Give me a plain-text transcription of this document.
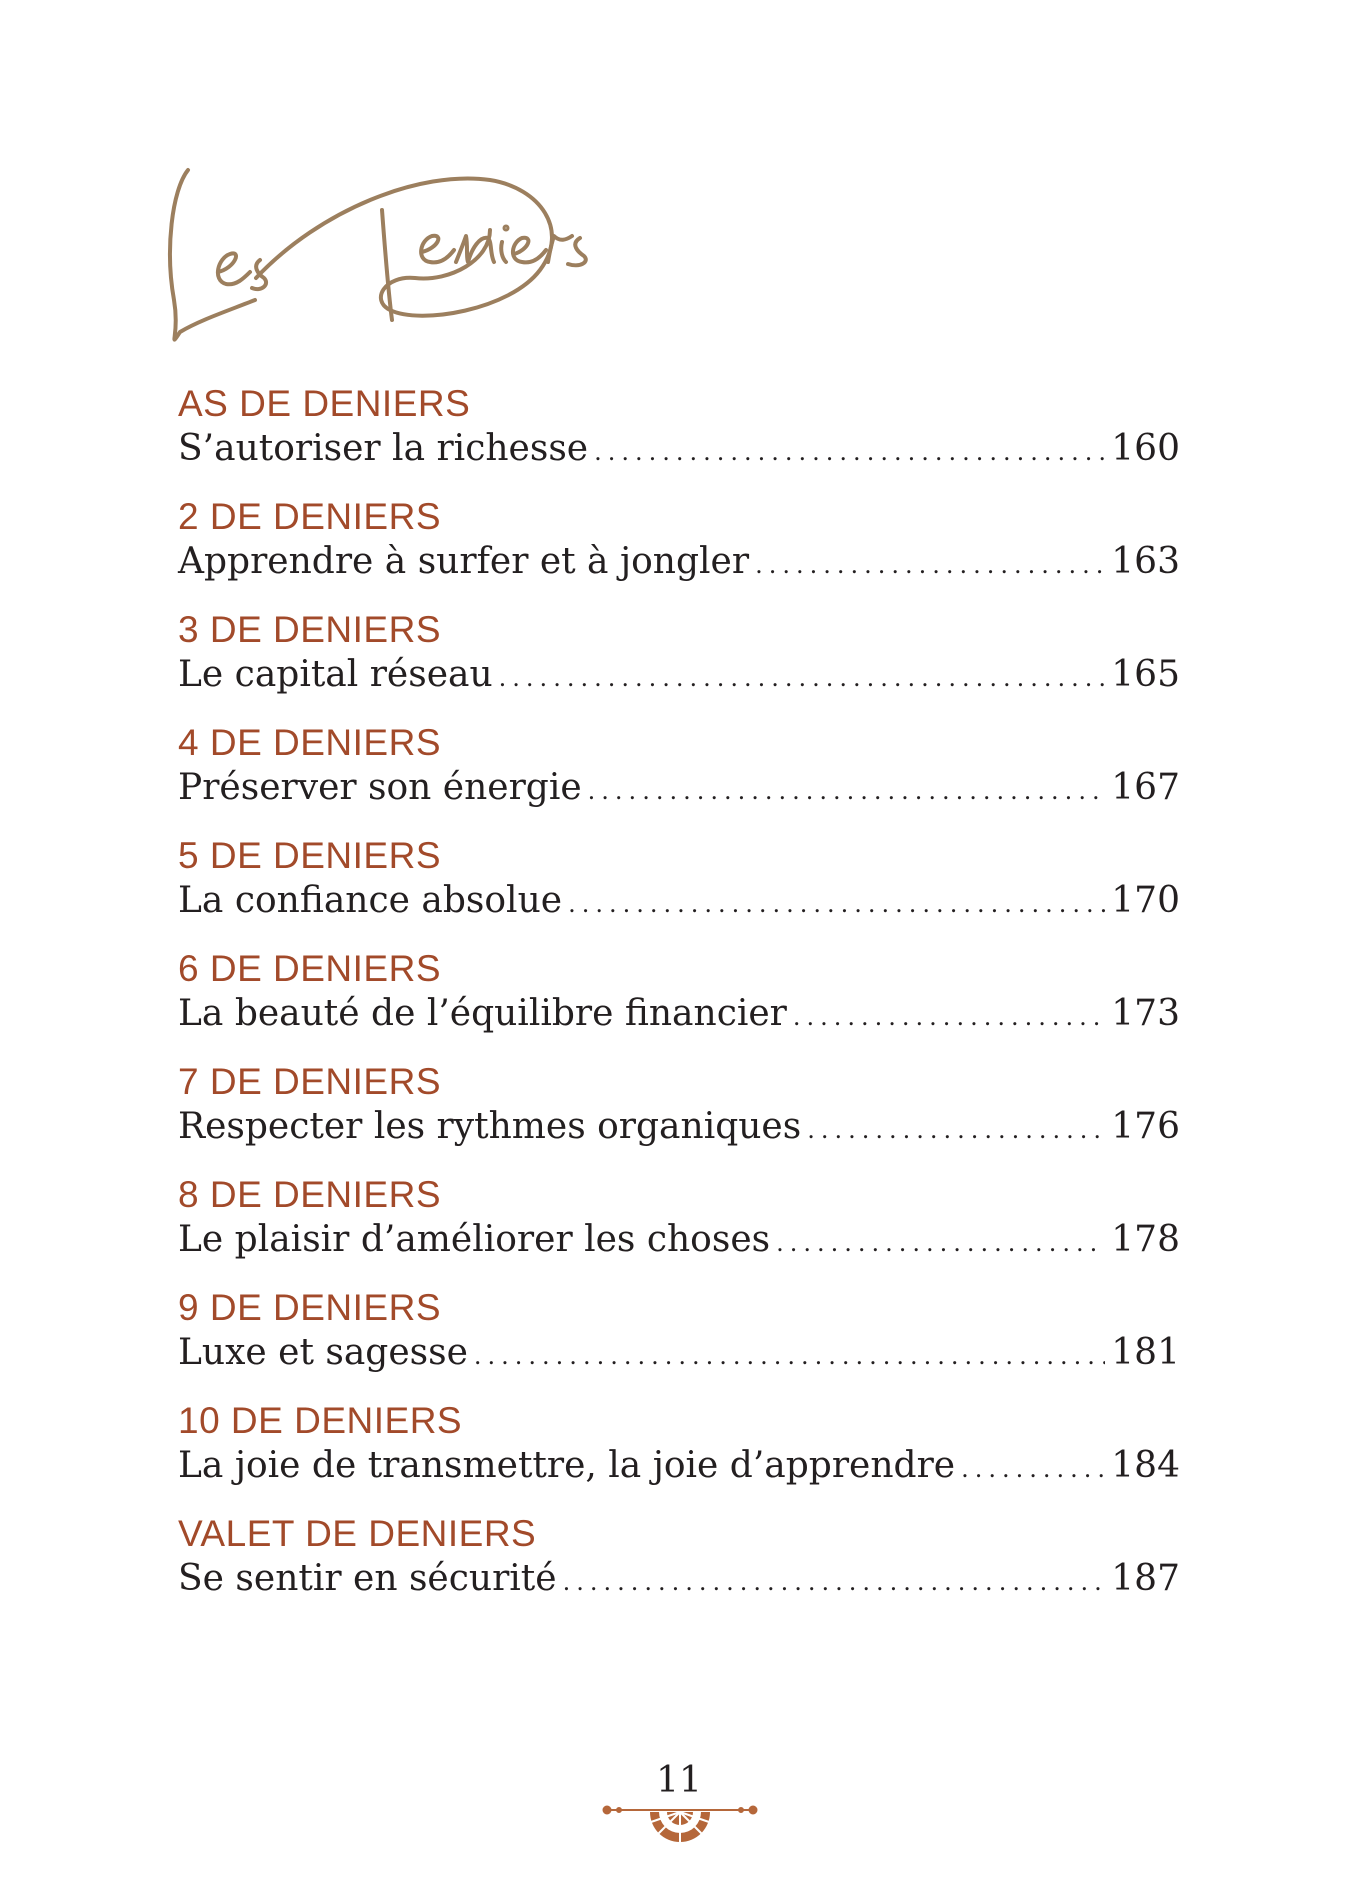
AS DE DENIERS
S’autoriser la richesse .....	160
2 DE DENIERS
Apprendre à surfer et à jongler .....	163
3 DE DENIERS
Le capital réseau .....	165
4 DE DENIERS
Préserver son énergie .....	167
5 DE DENIERS
La confiance absolue .....	170
6 DE DENIERS
La beauté de l’équilibre financier .....	173
7 DE DENIERS
Respecter les rythmes organiques .....	176
8 DE DENIERS
Le plaisir d’améliorer les choses .....	178
9 DE DENIERS
Luxe et sagesse .....	181
10 DE DENIERS
La joie de transmettre, la joie d’apprendre .....	184
VALET DE DENIERS
Se sentir en sécurité .....	187
11
